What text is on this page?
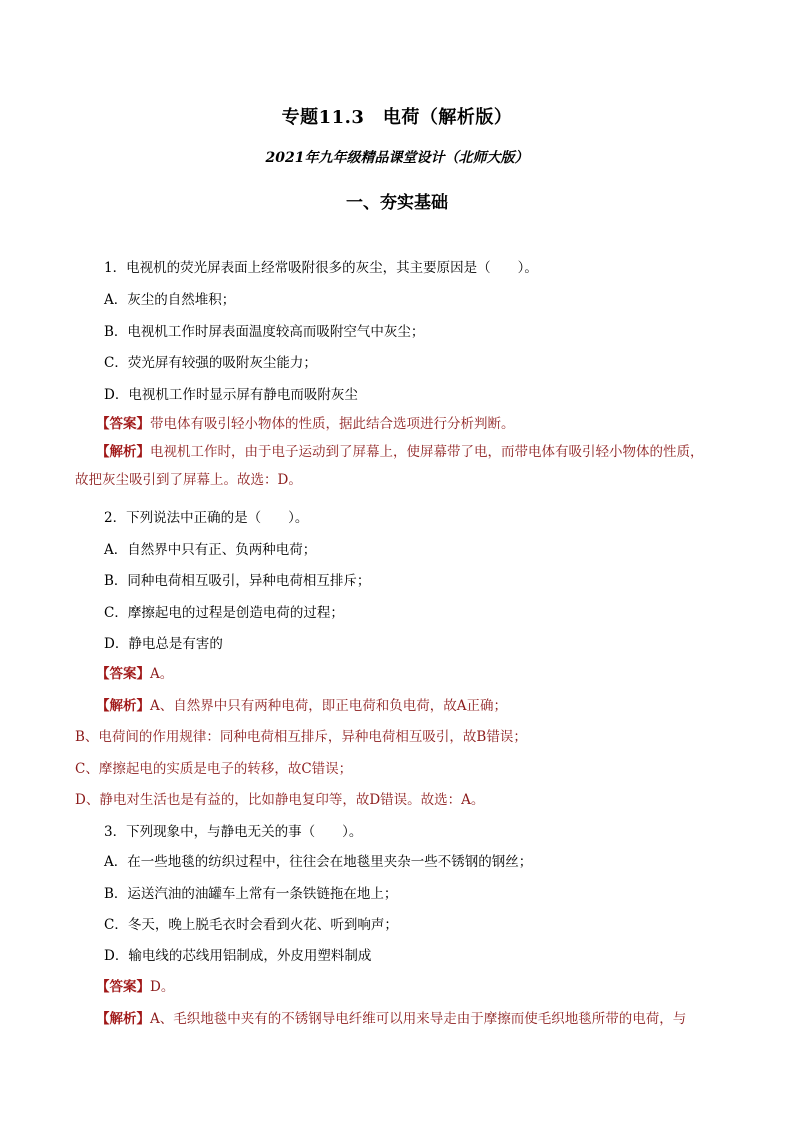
专题11.3　电荷（解析版）
2021年九年级精品课堂设计（北师大版）
一、夯实基础
1．电视机的荧光屏表面上经常吸附很多的灰尘，其主要原因是（　　）。
A．灰尘的自然堆积；
B．电视机工作时屏表面温度较高而吸附空气中灰尘；
C．荧光屏有较强的吸附灰尘能力；
D．电视机工作时显示屏有静电而吸附灰尘
【答案】带电体有吸引轻小物体的性质，据此结合选项进行分析判断。
【解析】电视机工作时，由于电子运动到了屏幕上，使屏幕带了电，而带电体有吸引轻小物体的性质，
故把灰尘吸引到了屏幕上。故选：D。
2．下列说法中正确的是（　　）。
A．自然界中只有正、负两种电荷；
B．同种电荷相互吸引，异种电荷相互排斥；
C．摩擦起电的过程是创造电荷的过程；
D．静电总是有害的
【答案】A。
【解析】A、自然界中只有两种电荷，即正电荷和负电荷，故A正确；
B、电荷间的作用规律：同种电荷相互排斥，异种电荷相互吸引，故B错误；
C、摩擦起电的实质是电子的转移，故C错误；
D、静电对生活也是有益的，比如静电复印等，故D错误。故选：A。
3．下列现象中，与静电无关的事（　　）。
A．在一些地毯的纺织过程中，往往会在地毯里夹杂一些不锈钢的钢丝；
B．运送汽油的油罐车上常有一条铁链拖在地上；
C．冬天，晚上脱毛衣时会看到火花、听到响声；
D．输电线的芯线用铝制成，外皮用塑料制成
【答案】D。
【解析】A、毛织地毯中夹有的不锈钢导电纤维可以用来导走由于摩擦而使毛织地毯所带的电荷，与
